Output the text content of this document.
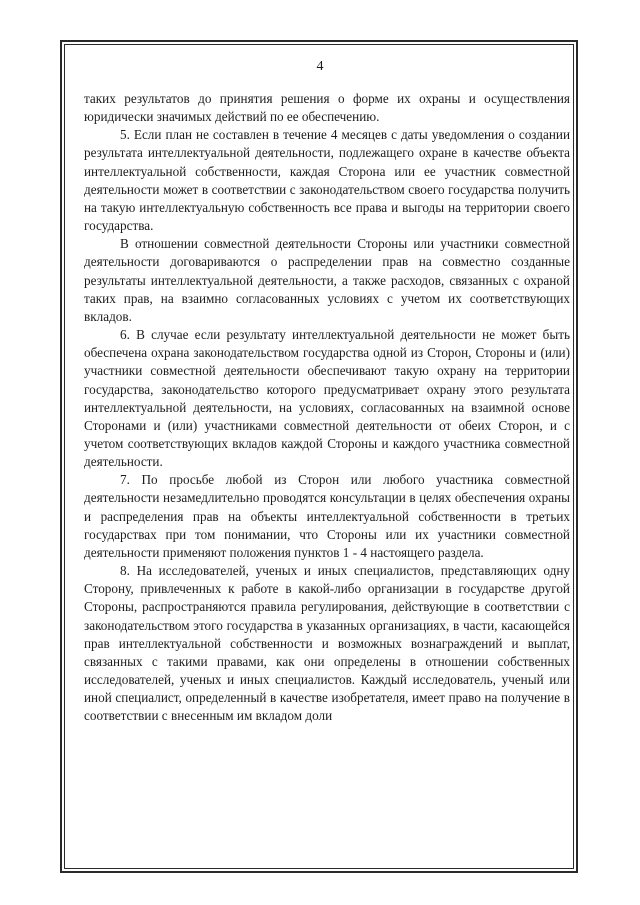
4

таких результатов до принятия решения о форме их охраны и осуществления юридически значимых действий по ее обеспечению.

5. Если план не составлен в течение 4 месяцев с даты уведомления о создании результата интеллектуальной деятельности, подлежащего охране в качестве объекта интеллектуальной собственности, каждая Сторона или ее участник совместной деятельности может в соответствии с законодательством своего государства получить на такую интеллектуальную собственность все права и выгоды на территории своего государства.

В отношении совместной деятельности Стороны или участники совместной деятельности договариваются о распределении прав на совместно созданные результаты интеллектуальной деятельности, а также расходов, связанных с охраной таких прав, на взаимно согласованных условиях с учетом их соответствующих вкладов.

6. В случае если результату интеллектуальной деятельности не может быть обеспечена охрана законодательством государства одной из Сторон, Стороны и (или) участники совместной деятельности обеспечивают такую охрану на территории государства, законодательство которого предусматривает охрану этого результата интеллектуальной деятельности, на условиях, согласованных на взаимной основе Сторонами и (или) участниками совместной деятельности от обеих Сторон, и с учетом соответствующих вкладов каждой Стороны и каждого участника совместной деятельности.

7. По просьбе любой из Сторон или любого участника совместной деятельности незамедлительно проводятся консультации в целях обеспечения охраны и распределения прав на объекты интеллектуальной собственности в третьих государствах при том понимании, что Стороны или их участники совместной деятельности применяют положения пунктов 1 - 4 настоящего раздела.

8. На исследователей, ученых и иных специалистов, представляющих одну Сторону, привлеченных к работе в какой-либо организации в государстве другой Стороны, распространяются правила регулирования, действующие в соответствии с законодательством этого государства в указанных организациях, в части, касающейся прав интеллектуальной собственности и возможных вознаграждений и выплат, связанных с такими правами, как они определены в отношении собственных исследователей, ученых и иных специалистов. Каждый исследователь, ученый или иной специалист, определенный в качестве изобретателя, имеет право на получение в соответствии с внесенным им вкладом доли
